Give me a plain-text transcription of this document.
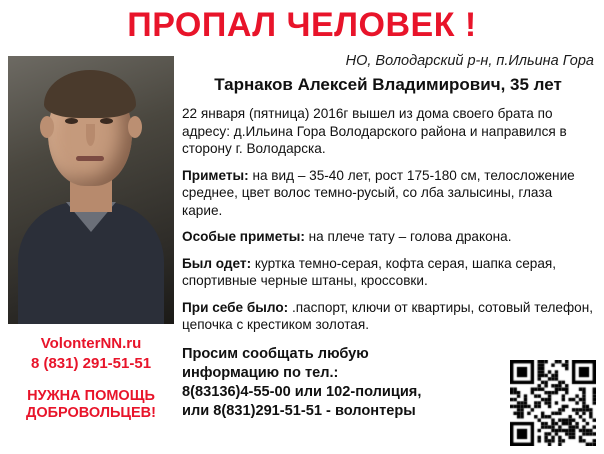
ПРОПАЛ ЧЕЛОВЕК !
VolonterNN.ru
8 (831) 291-51-51
НУЖНА ПОМОЩЬ
ДОБРОВОЛЬЦЕВ!
НО, Володарский р-н, п.Ильина Гора
Тарнаков Алексей Владимирович, 35 лет
22 января (пятница) 2016г вышел из дома своего брата по адресу: д.Ильина Гора Володарского района и направился в сторону г. Володарска.
Приметы: на вид – 35-40 лет, рост 175-180 см, телосложение среднее, цвет волос темно-русый, со лба залысины, глаза карие.
Особые приметы: на плече тату – голова дракона.
Был одет: куртка темно-серая, кофта серая, шапка серая, спортивные черные штаны, кроссовки.
При себе было: .паспорт, ключи от квартиры, сотовый телефон, цепочка с крестиком золотая.
Просим сообщать любую
информацию по тел.:
8(83136)4-55-00 или 102-полиция,
или 8(831)291-51-51 - волонтеры
